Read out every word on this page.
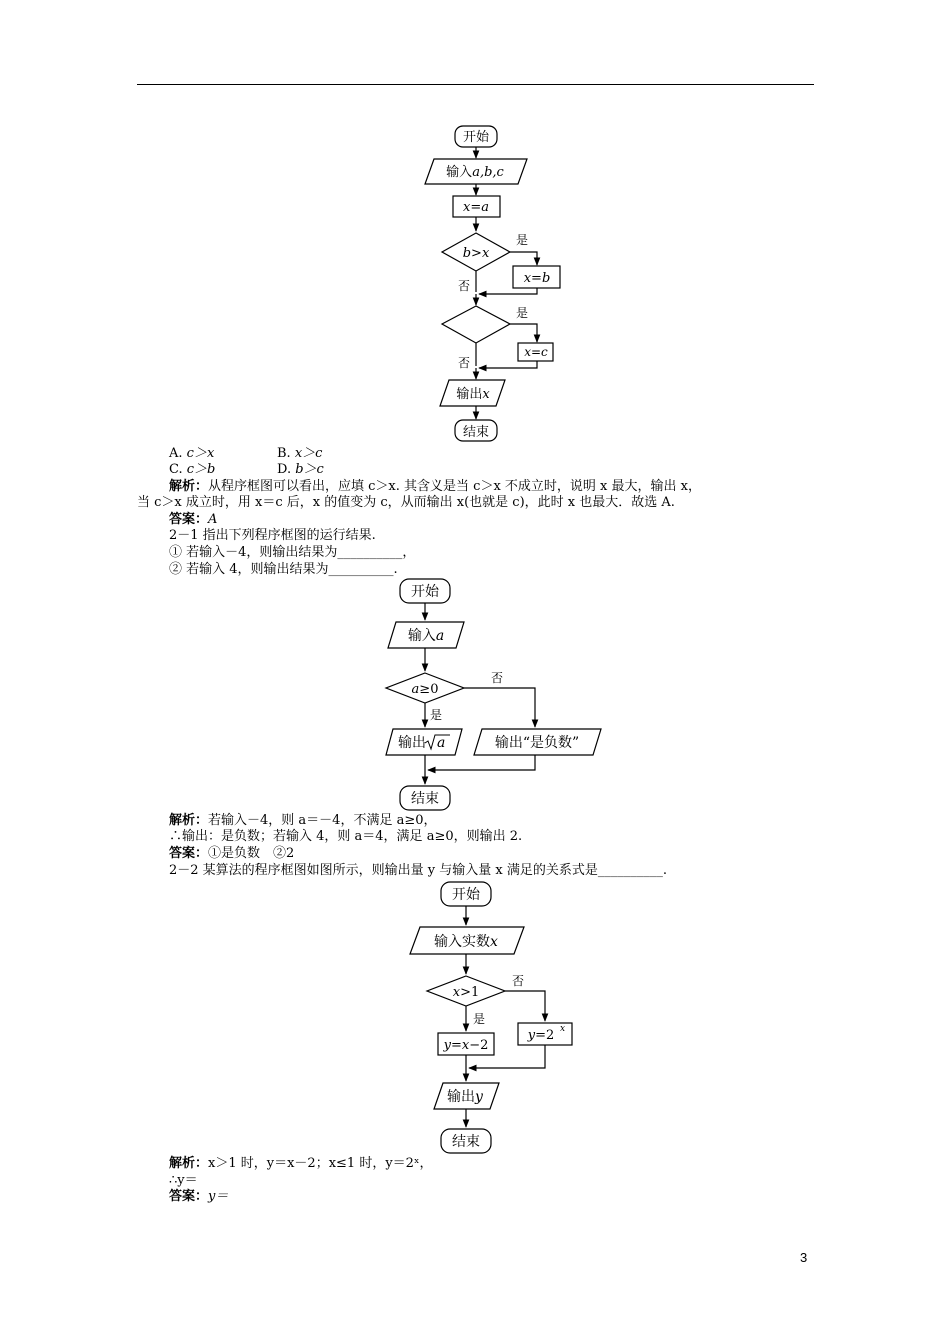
开始
输入a,b,c
x=a
b>x
是
否	x=b
是
否
x=c
输出x
结束
开始
输入a
a≥0
否
是
输出 a	输出“是负数”
结束
开始
输入实数x
x>1
否
是
y=x−2
y=2 x
输出y
结束
A. c＞x	B. x＞c
C. c＞b	D. b＞c
解析：从程序框图可以看出，应填 c＞x. 其含义是当 c＞x 不成立时，说明 x 最大，输出 x，
当 c＞x 成立时，用 x＝c 后，x 的值变为 c，从而输出 x(也就是 c)，此时 x 也最大．故选 A.
答案：A
2－1 指出下列程序框图的运行结果.
① 若输入－4，则输出结果为__________，
② 若输入 4，则输出结果为__________.
解析：若输入－4，则 a＝－4，不满足 a≥0，
∴输出：是负数；若输入 4，则 a＝4，满足 a≥0，则输出 2.
答案：①是负数　②2
2－2 某算法的程序框图如图所示，则输出量 y 与输入量 x 满足的关系式是__________.
解析：x＞1 时，y＝x－2；x≤1 时，y＝2ˣ，
∴y＝
答案：y＝
3
